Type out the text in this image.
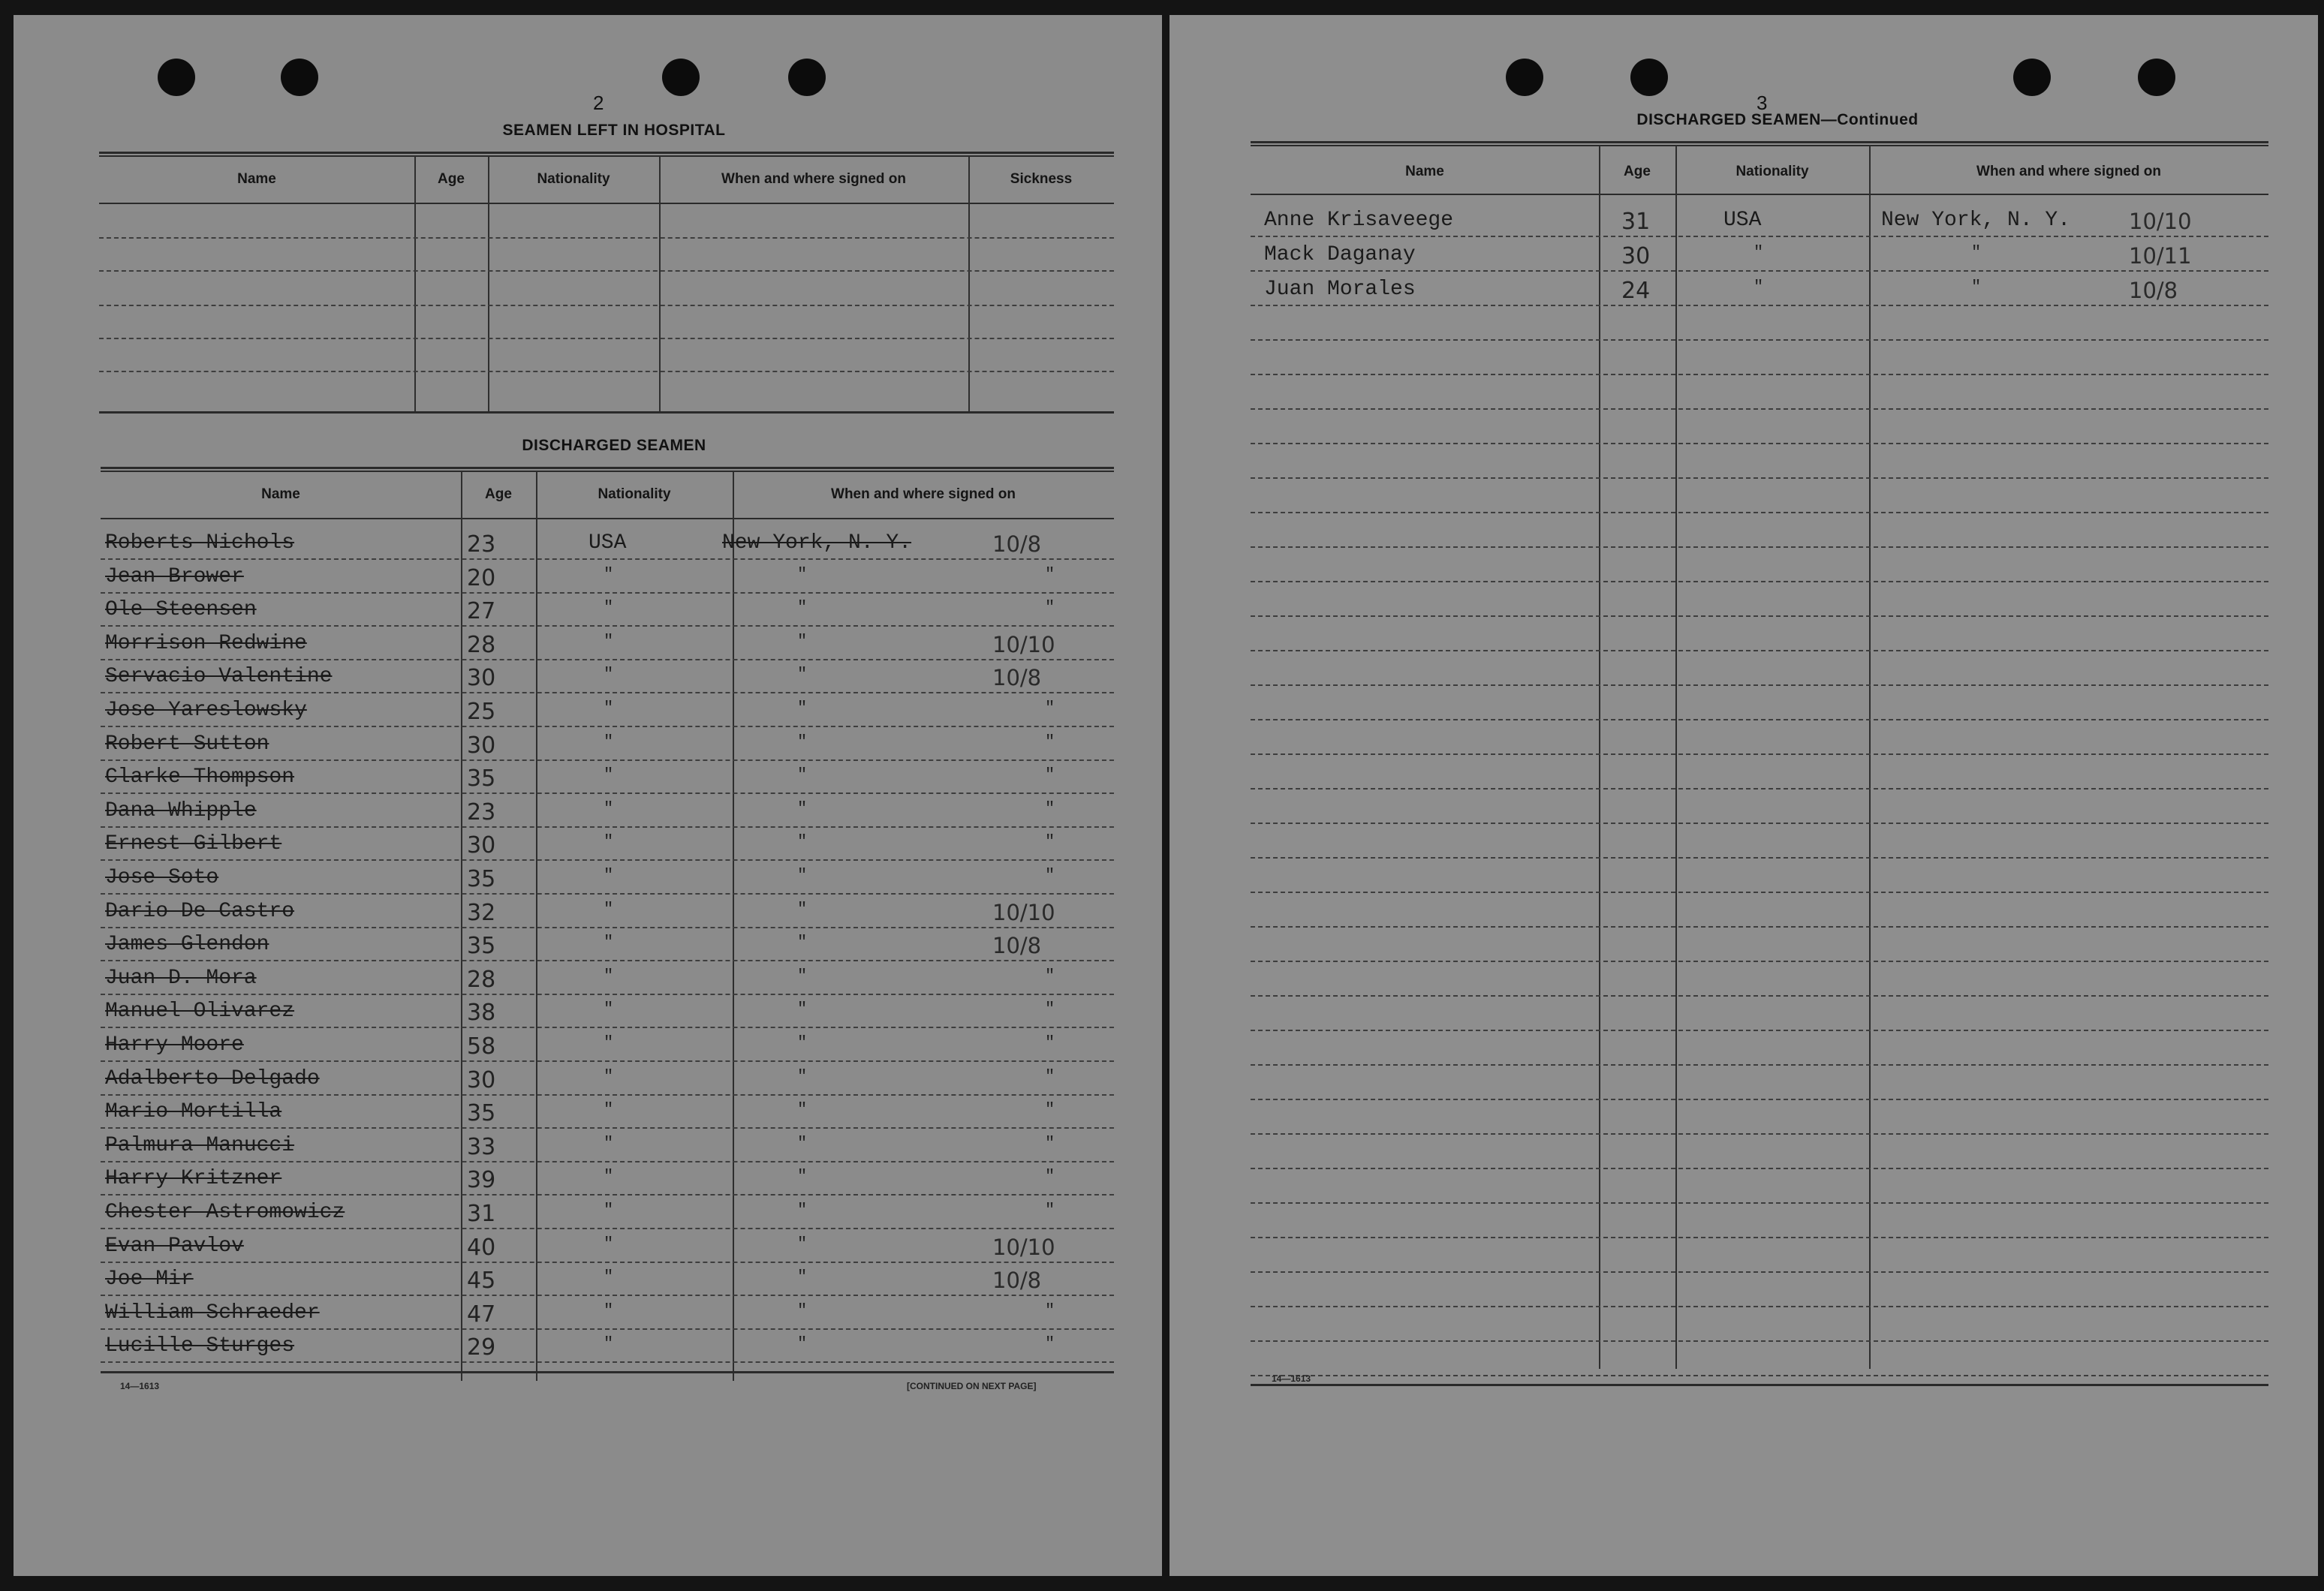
2
SEAMEN LEFT IN HOSPITAL
Name	Age	Nationality	When and where signed on	Sickness
DISCHARGED SEAMEN
Name	Age	Nationality	When and where signed on
Roberts Nichols	23	USA	New York, N. Y.	10/8
Jean Brower	20	"	"	"
Ole Steensen	27	"	"	"
Morrison Redwine	28	"	"	10/10
Servacio Valentine	30	"	"	10/8
Jose Yareslowsky	25	"	"	"
Robert Sutton	30	"	"	"
Clarke Thompson	35	"	"	"
Dana Whipple	23	"	"	"
Ernest Gilbert	30	"	"	"
Jose Soto	35	"	"	"
Dario De Castro	32	"	"	10/10
James Glendon	35	"	"	10/8
Juan D. Mora	28	"	"	"
Manuel Olivarez	38	"	"	"
Harry Moore	58	"	"	"
Adalberto Delgado	30	"	"	"
Mario Mortilla	35	"	"	"
Palmura Manucci	33	"	"	"
Harry Kritzner	39	"	"	"
Chester Astromowicz	31	"	"	"
Evan Pavlov	40	"	"	10/10
Joe Mir	45	"	"	10/8
William Schraeder	47	"	"	"
Lucille Sturges	29	"	"	"
14—1613	[CONTINUED ON NEXT PAGE]
3
DISCHARGED SEAMEN—Continued
Name	Age	Nationality	When and where signed on
Anne Krisaveege	31	USA	New York, N. Y.	10/10
Mack Daganay	30	"	"	10/11
Juan Morales	24	"	"	10/8
14—1613
